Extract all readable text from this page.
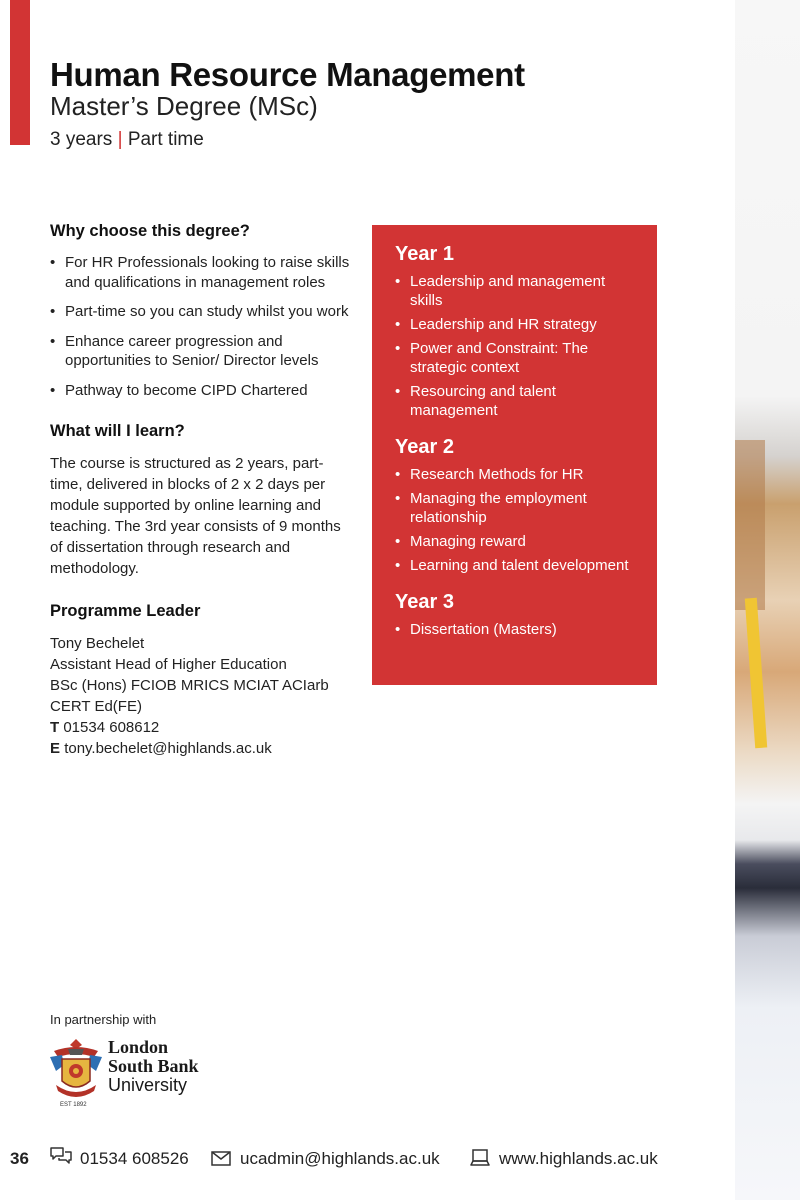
Human Resource Management
Master’s Degree (MSc)
3 years | Part time
Why choose this degree?
• For HR Professionals looking to raise skills and qualifications in management roles
• Part-time so you can study whilst you work
• Enhance career progression and opportunities to Senior/ Director levels
• Pathway to become CIPD Chartered
What will I learn?

The course is structured as 2 years, part-time, delivered in blocks of 2 x 2 days per module supported by online learning and teaching. The 3rd year consists of 9 months of dissertation through research and methodology.

Programme Leader
Tony Bechelet
Assistant Head of Higher Education
BSc (Hons) FCIOB MRICS MCIAT ACIarb
CERT Ed(FE)
T 01534 608612
E tony.bechelet@highlands.ac.uk
Year 1
• Leadership and management skills
• Leadership and HR strategy
• Power and Constraint: The strategic context
• Resourcing and talent management
Year 2
• Research Methods for HR
• Managing the employment relationship
• Managing reward
• Learning and talent development
Year 3
• Dissertation (Masters)
In partnership with
EST 1892
London
South Bank
University
36	01534 608526	ucadmin@highlands.ac.uk	www.highlands.ac.uk
